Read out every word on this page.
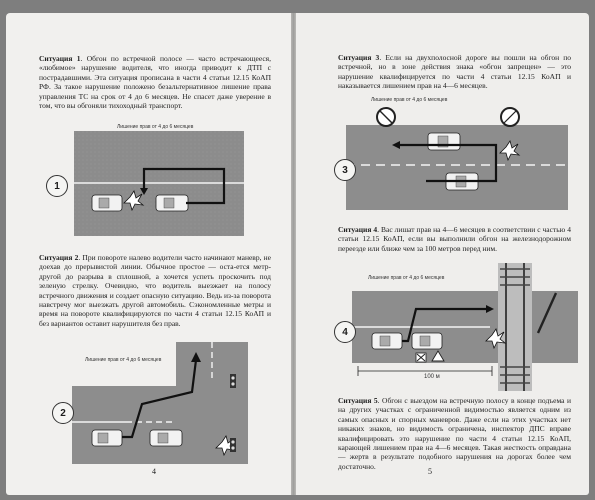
Ситуация 1. Обгон по встречной полосе — часто встречающееся, «любимое» нарушение водителя, что иногда приводит к ДТП с пострадавшими. Эта ситуация прописана в части 4 статьи 12.15 КоАП РФ. За такое нарушение положено безальтернативное лишение права управления ТС на срок от 4 до 6 месяцев. Не спасет даже уверение в том, что вы обгоняли тихоходный транспорт.

Лишение прав от 4 до 6 месяцев
1

Ситуация 2. При повороте налево водители часто начинают маневр, не доехав до прерывистой линии. Обычное простое — оста-ется метр-другой до разрыва в сплошной, а хочется успеть проскочить под зеленую стрелку. Очевидно, что водитель выезжает на полосу встречного движения и создает опасную ситуацию. Ведь из-за поворота навстречу мог выезжать другой автомобиль. Сэкономленные метры и время на повороте квалифицируются по части 4 статьи 12.15 КоАП и без вариантов оставит нарушителя без прав.

Лишение прав от 4 до 6 месяцев
2
4

Ситуация 3. Если на двухполосной дороге вы пошли на обгон по встречной, но в зоне действия знака «обгон запрещен» — это нарушение квалифицируется по части 4 статьи 12.15 КоАП и наказывается лишением прав на 4—6 месяцев.

Лишение прав от 4 до 6 месяцев
3

Ситуация 4. Вас лишат прав на 4—6 месяцев в соответствии с частью 4 статьи 12.15 КоАП, если вы выполнили обгон на железнодорожном переезде или ближе чем за 100 метров перед ним.

Лишение прав от 4 до 6 месяцев
100 м
4

Ситуация 5. Обгон с выездом на встречную полосу в конце подъема и на других участках с ограниченной видимостью является одним из самых опасных и спорных маневров. Даже если на этих участках нет никаких знаков, но видимость ограничена, инспектор ДПС вправе квалифицировать это нарушение по части 4 статьи 12.15 КоАП, карающей лишением прав на 4—6 месяцев. Такая жесткость оправдана — жертв в результате подобного нарушения на дорогах более чем достаточно.

5
